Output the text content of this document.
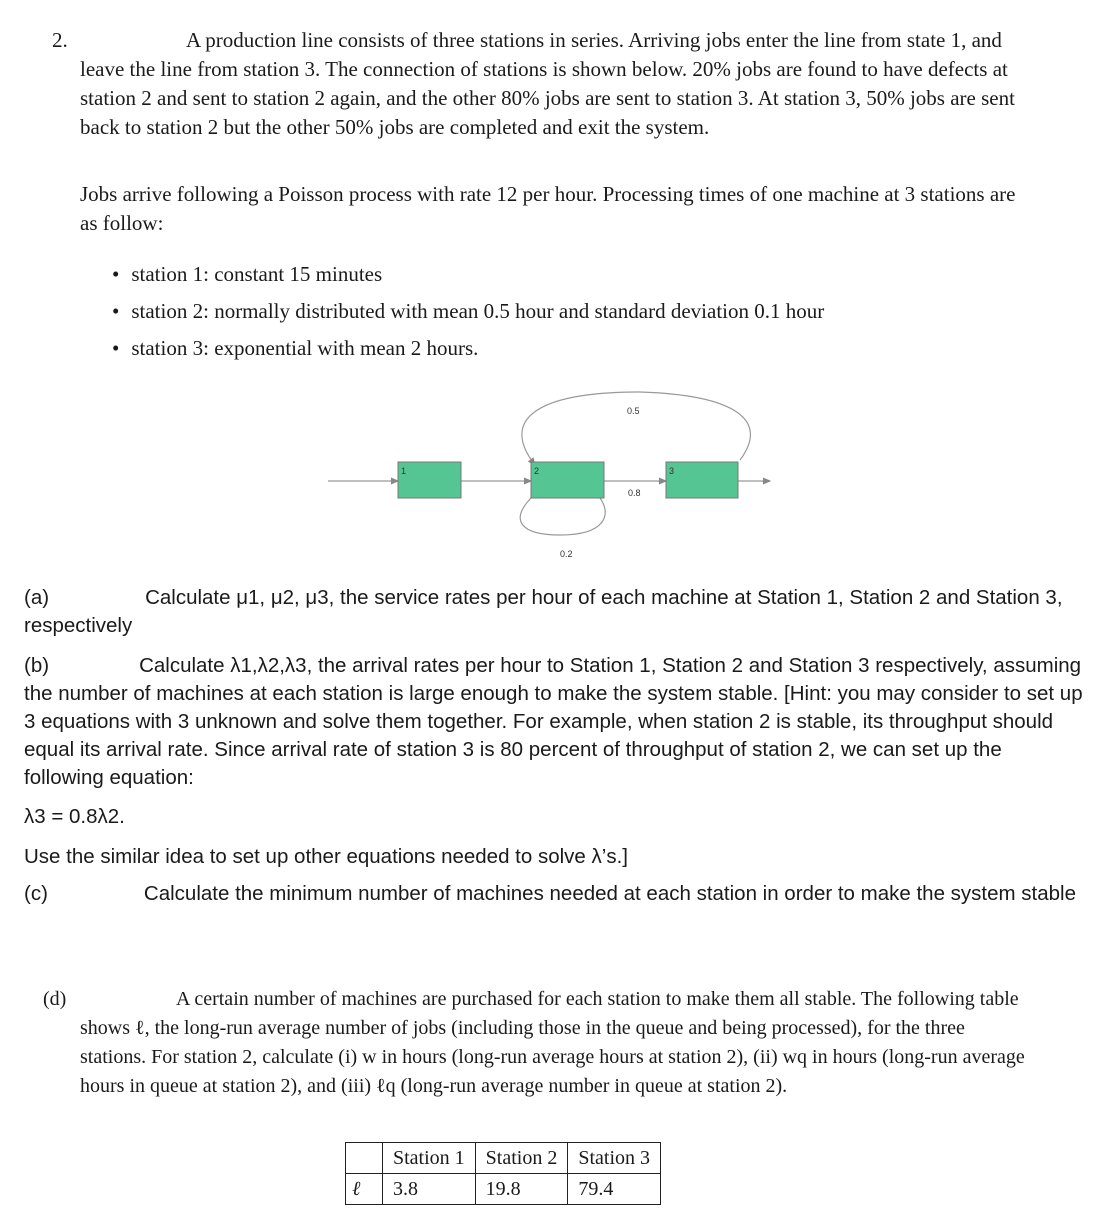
2.	A production line consists of three stations in series. Arriving jobs enter the line from state 1, and leave the line from station 3. The connection of stations is shown below. 20% jobs are found to have defects at station 2 and sent to station 2 again, and the other 80% jobs are sent to station 3. At station 3, 50% jobs are sent back to station 2 but the other 50% jobs are completed and exit the system.
Jobs arrive following a Poisson process with rate 12 per hour. Processing times of one machine at 3 stations are as follow:
• station 1: constant 15 minutes
• station 2: normally distributed with mean 0.5 hour and standard deviation 0.1 hour
• station 3: exponential with mean 2 hours.
1	2	3
0.5
0.8
0.2
(a)	Calculate μ1, μ2, μ3, the service rates per hour of each machine at Station 1, Station 2 and Station 3, respectively
(b)	Calculate λ1,λ2,λ3, the arrival rates per hour to Station 1, Station 2 and Station 3 respectively, assuming the number of machines at each station is large enough to make the system stable. [Hint: you may consider to set up 3 equations with 3 unknown and solve them together. For example, when station 2 is stable, its throughput should equal its arrival rate. Since arrival rate of station 3 is 80 percent of throughput of station 2, we can set up the following equation:
λ3 = 0.8λ2.
Use the similar idea to set up other equations needed to solve λ’s.]
(c)	Calculate the minimum number of machines needed at each station in order to make the system stable
(d)	A certain number of machines are purchased for each station to make them all stable. The following table shows ℓ, the long-run average number of jobs (including those in the queue and being processed), for the three stations. For station 2, calculate (i) w in hours (long-run average hours at station 2), (ii) wq in hours (long-run average hours in queue at station 2), and (iii) ℓq (long-run average number in queue at station 2).
	Station 1	Station 2	Station 3
ℓ	3.8	19.8	79.4
